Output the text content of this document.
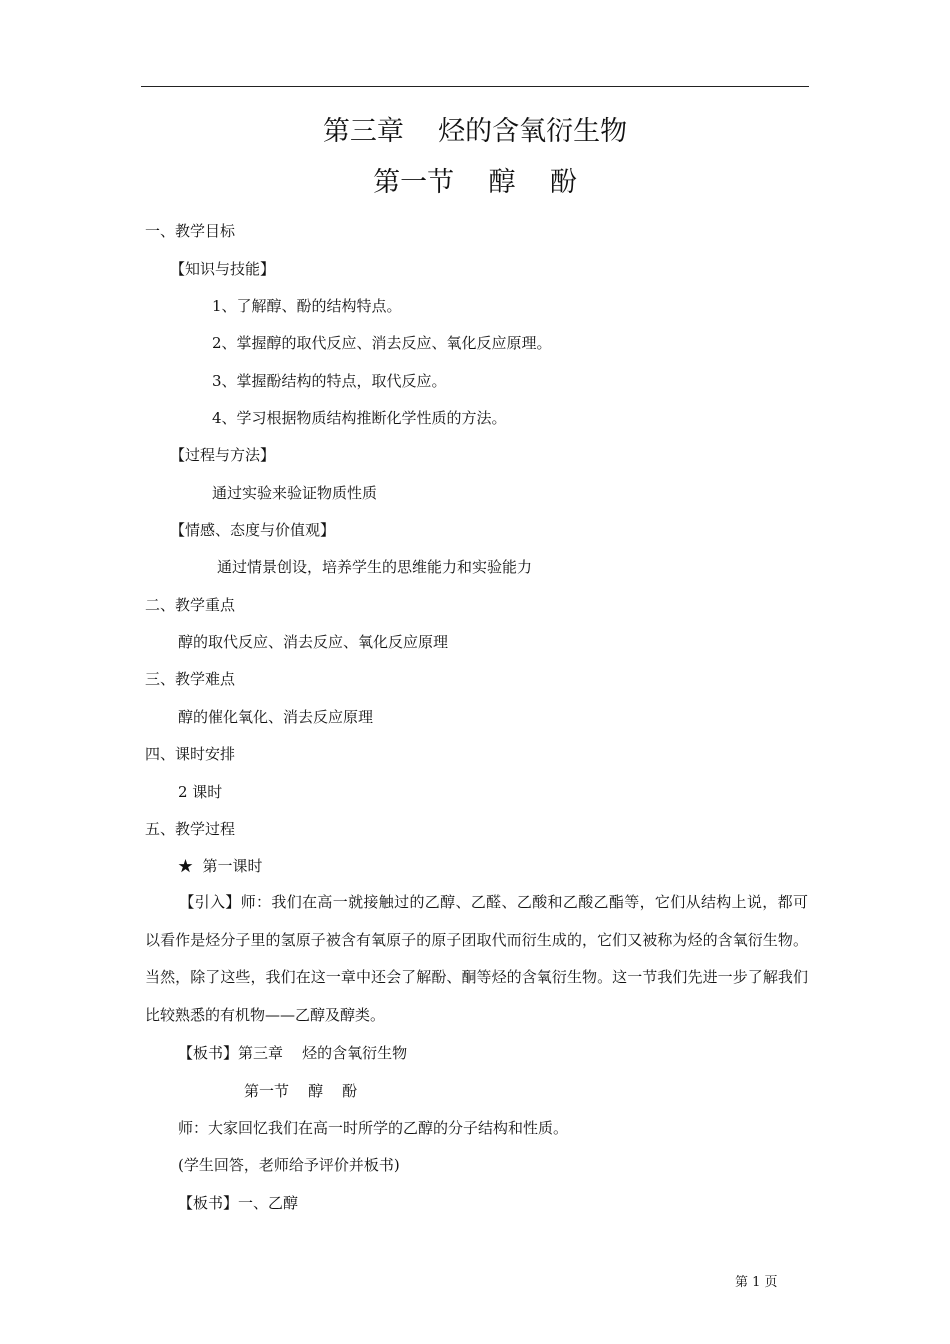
第三章    烃的含氧衍生物
第一节    醇    酚
一、教学目标
【知识与技能】
1、了解醇、酚的结构特点。
2、掌握醇的取代反应、消去反应、氧化反应原理。
3、掌握酚结构的特点，取代反应。
4、学习根据物质结构推断化学性质的方法。
【过程与方法】
通过实验来验证物质性质
【情感、态度与价值观】
通过情景创设，培养学生的思维能力和实验能力
二、教学重点
醇的取代反应、消去反应、氧化反应原理
三、教学难点
醇的催化氧化、消去反应原理
四、课时安排
2 课时
五、教学过程
★  第一课时
【引入】师：我们在高一就接触过的乙醇、乙醛、乙酸和乙酸乙酯等，它们从结构上说，都可以看作是烃分子里的氢原子被含有氧原子的原子团取代而衍生成的，它们又被称为烃的含氧衍生物。当然，除了这些，我们在这一章中还会了解酚、酮等烃的含氧衍生物。这一节我们先进一步了解我们比较熟悉的有机物——乙醇及醇类。
【板书】第三章    烃的含氧衍生物
第一节    醇    酚
师：大家回忆我们在高一时所学的乙醇的分子结构和性质。
(学生回答，老师给予评价并板书)
【板书】一、乙醇
第 1 页
